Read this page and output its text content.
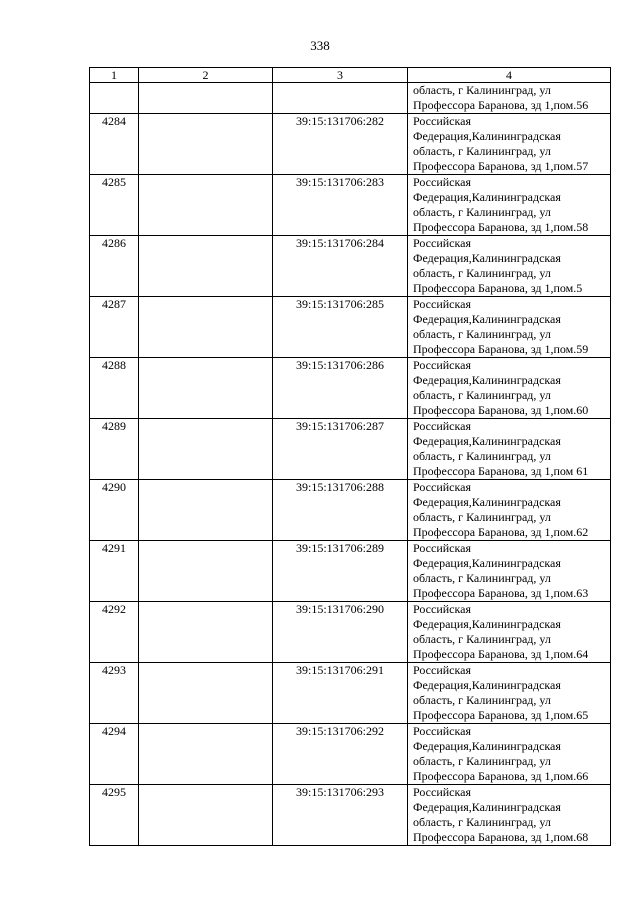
338
1	2	3	4

			область, г Калининград, ул
Профессора Баранова, зд 1,пом.56

4284		39:15:131706:282	Российская
Федерация,Калининградская
область, г Калининград, ул
Профессора Баранова, зд 1,пом.57

4285		39:15:131706:283	Российская
Федерация,Калининградская
область, г Калининград, ул
Профессора Баранова, зд 1,пом.58

4286		39:15:131706:284	Российская
Федерация,Калининградская
область, г Калининград, ул
Профессора Баранова, зд 1,пом.5

4287		39:15:131706:285	Российская
Федерация,Калининградская
область, г Калининград, ул
Профессора Баранова, зд 1,пом.59

4288		39:15:131706:286	Российская
Федерация,Калининградская
область, г Калининград, ул
Профессора Баранова, зд 1,пом.60

4289		39:15:131706:287	Российская
Федерация,Калининградская
область, г Калининград, ул
Профессора Баранова, зд 1,пом 61

4290		39:15:131706:288	Российская
Федерация,Калининградская
область, г Калининград, ул
Профессора Баранова, зд 1,пом.62

4291		39:15:131706:289	Российская
Федерация,Калининградская
область, г Калининград, ул
Профессора Баранова, зд 1,пом.63

4292		39:15:131706:290	Российская
Федерация,Калининградская
область, г Калининград, ул
Профессора Баранова, зд 1,пом.64

4293		39:15:131706:291	Российская
Федерация,Калининградская
область, г Калининград, ул
Профессора Баранова, зд 1,пом.65

4294		39:15:131706:292	Российская
Федерация,Калининградская
область, г Калининград, ул
Профессора Баранова, зд 1,пом.66

4295		39:15:131706:293	Российская
Федерация,Калининградская
область, г Калининград, ул
Профессора Баранова, зд 1,пом.68
